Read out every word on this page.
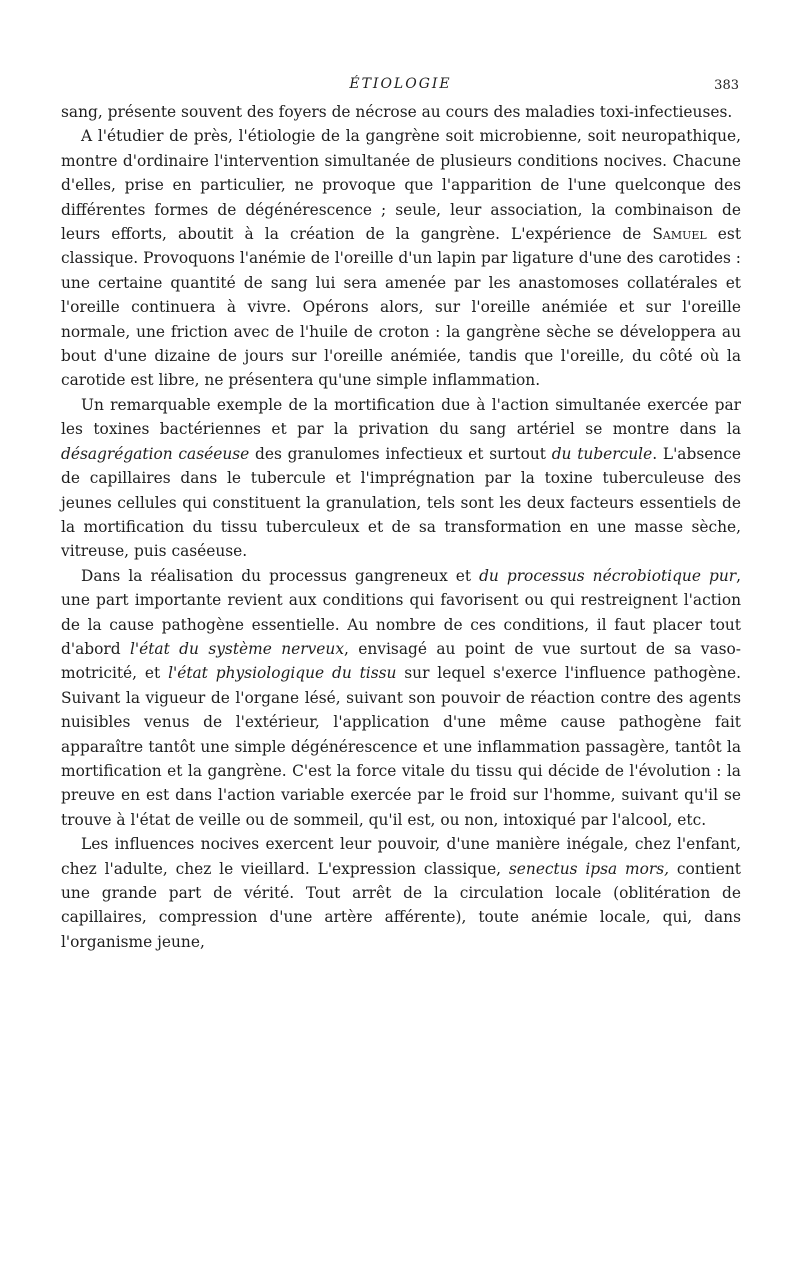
ÉTIOLOGIE	383

sang, présente souvent des foyers de nécrose au cours des maladies toxi-infectieuses.

A l'étudier de près, l'étiologie de la gangrène soit microbienne, soit neuropathique, montre d'ordinaire l'intervention simultanée de plusieurs conditions nocives. Chacune d'elles, prise en particulier, ne provoque que l'apparition de l'une quelconque des différentes formes de dégénérescence ; seule, leur association, la combinaison de leurs efforts, aboutit à la création de la gangrène. L'expérience de Samuel est classique. Provoquons l'anémie de l'oreille d'un lapin par ligature d'une des carotides : une certaine quantité de sang lui sera amenée par les anastomoses collatérales et l'oreille continuera à vivre. Opérons alors, sur l'oreille anémiée et sur l'oreille normale, une friction avec de l'huile de croton : la gangrène sèche se développera au bout d'une dizaine de jours sur l'oreille anémiée, tandis que l'oreille, du côté où la carotide est libre, ne présentera qu'une simple inflammation.

Un remarquable exemple de la mortification due à l'action simultanée exercée par les toxines bactériennes et par la privation du sang artériel se montre dans la désagrégation caséeuse des granulomes infectieux et surtout du tubercule. L'absence de capillaires dans le tubercule et l'imprégnation par la toxine tuberculeuse des jeunes cellules qui constituent la granulation, tels sont les deux facteurs essentiels de la mortification du tissu tuberculeux et de sa transformation en une masse sèche, vitreuse, puis caséeuse.

Dans la réalisation du processus gangreneux et du processus nécrobiotique pur, une part importante revient aux conditions qui favorisent ou qui restreignent l'action de la cause pathogène essentielle. Au nombre de ces conditions, il faut placer tout d'abord l'état du système nerveux, envisagé au point de vue surtout de sa vaso-motricité, et l'état physiologique du tissu sur lequel s'exerce l'influence pathogène. Suivant la vigueur de l'organe lésé, suivant son pouvoir de réaction contre des agents nuisibles venus de l'extérieur, l'application d'une même cause pathogène fait apparaître tantôt une simple dégénérescence et une inflammation passagère, tantôt la mortification et la gangrène. C'est la force vitale du tissu qui décide de l'évolution : la preuve en est dans l'action variable exercée par le froid sur l'homme, suivant qu'il se trouve à l'état de veille ou de sommeil, qu'il est, ou non, intoxiqué par l'alcool, etc.

Les influences nocives exercent leur pouvoir, d'une manière inégale, chez l'enfant, chez l'adulte, chez le vieillard. L'expression classique, senectus ipsa mors, contient une grande part de vérité. Tout arrêt de la circulation locale (oblitération de capillaires, compression d'une artère afférente), toute anémie locale, qui, dans l'organisme jeune,
